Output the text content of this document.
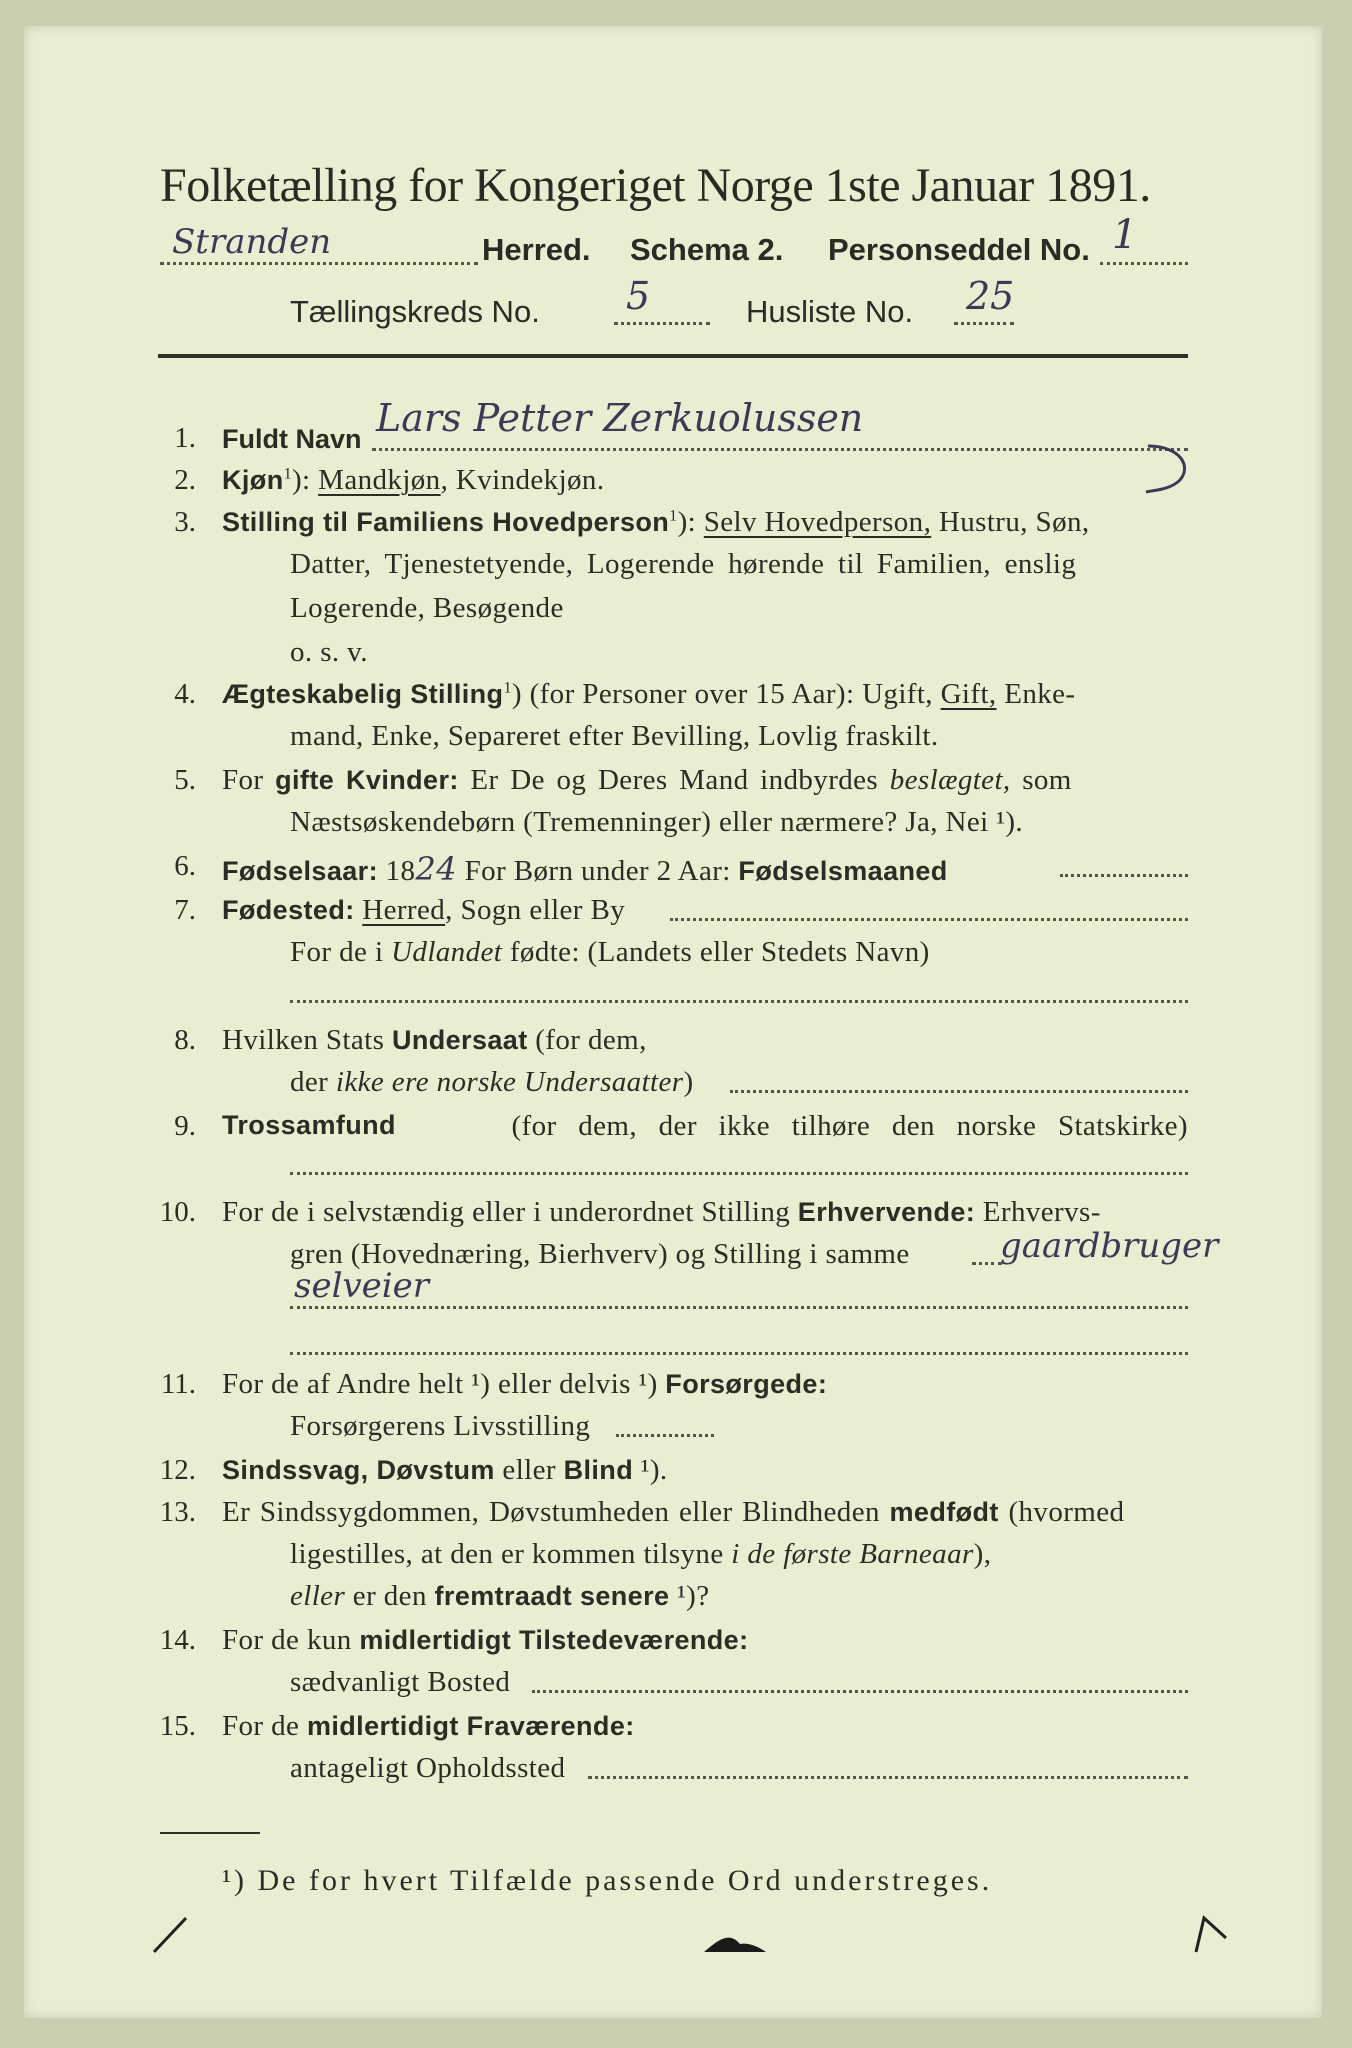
Folketælling for Kongeriget Norge 1ste Januar 1891.
Stranden	Herred. Schema 2. Personseddel No. 1
Tællingskreds No. 5	Husliste No. 25
1. Fuldt Navn Lars Petter Zerkuolussen
2. Kjøn$^1$): Mandkjøn, Kvindekjøn.
3. Stilling til Familiens Hovedperson$^1$): Selv Hovedperson, Hustru, Søn,
Datter, Tjenestetyende, Logerende hørende til Familien, enslig
Logerende, Besøgende
o. s. v.
4. Ægteskabelig Stilling$^1$) (for Personer over 15 Aar): Ugift, Gift, Enke-
mand, Enke, Separeret efter Bevilling, Lovlig fraskilt.
5. For gifte Kvinder: Er De og Deres Mand indbyrdes beslægtet, som
Næstsøskendebørn (Tremenninger) eller nærmere? Ja, Nei ¹).
6. Fødselsaar: 1824 For Børn under 2 Aar: Fødselsmaaned
7. Fødested: Herred, Sogn eller By
For de i Udlandet fødte: (Landets eller Stedets Navn)
8. Hvilken Stats Undersaat (for dem,
der ikke ere norske Undersaatter)
9. Trossamfund	(for dem, der ikke tilhøre den norske Statskirke)
10. For de i selvstændig eller i underordnet Stilling Erhvervende: Erhvervs-
gren (Hovednæring, Bierhverv) og Stilling i samme	gaardbruger
selveier
11. For de af Andre helt ¹) eller delvis ¹) Forsørgede:
Forsørgerens Livsstilling
12. Sindssvag, Døvstum eller Blind ¹).
13. Er Sindssygdommen, Døvstumheden eller Blindheden medfødt (hvormed
ligestilles, at den er kommen tilsyne i de første Barneaar),
eller er den fremtraadt senere ¹)?
14. For de kun midlertidigt Tilstedeværende:
sædvanligt Bosted
15. For de midlertidigt Fraværende:
antageligt Opholdssted
¹) De for hvert Tilfælde passende Ord understreges.
